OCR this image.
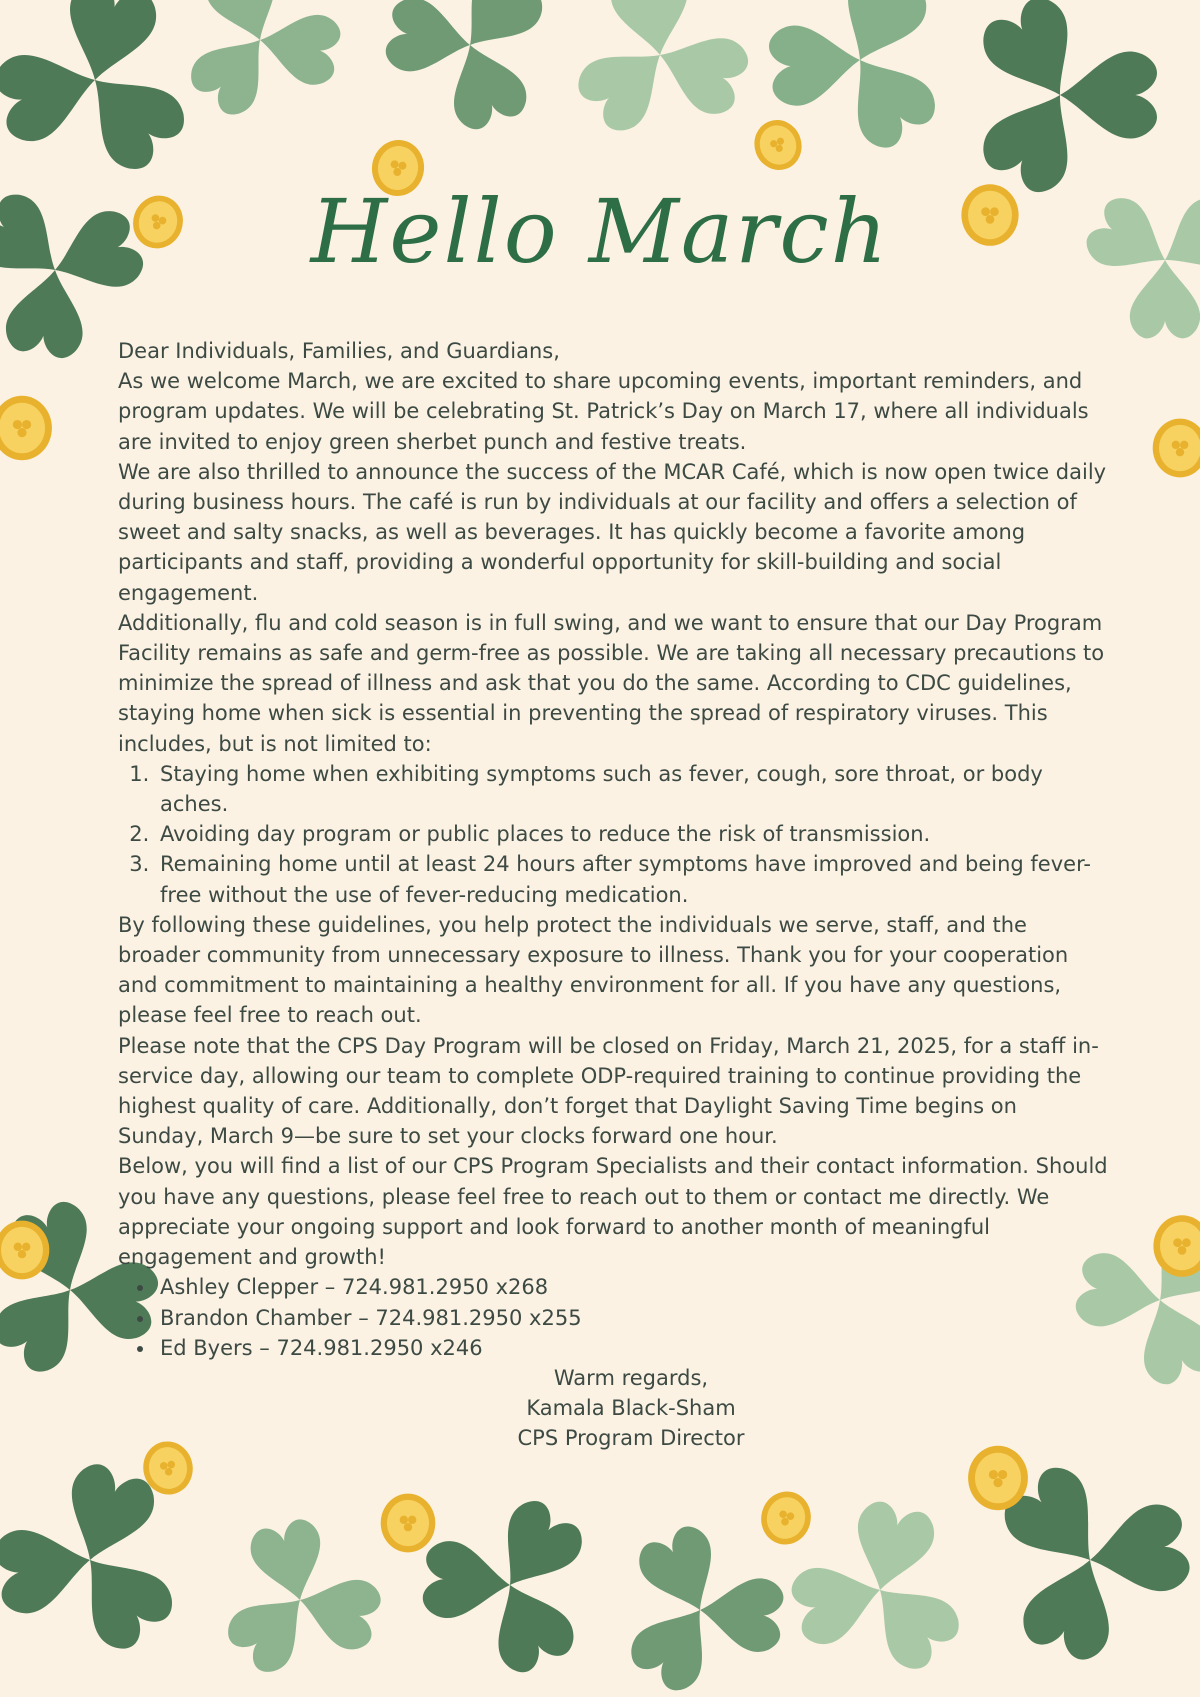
Hello March

Dear Individuals, Families, and Guardians,

As we welcome March, we are excited to share upcoming events, important reminders, and program updates. We will be celebrating St. Patrick’s Day on March 17, where all individuals are invited to enjoy green sherbet punch and festive treats.

We are also thrilled to announce the success of the MCAR Café, which is now open twice daily during business hours. The café is run by individuals at our facility and offers a selection of sweet and salty snacks, as well as beverages. It has quickly become a favorite among participants and staff, providing a wonderful opportunity for skill-building and social engagement.

Additionally, flu and cold season is in full swing, and we want to ensure that our Day Program Facility remains as safe and germ-free as possible. We are taking all necessary precautions to minimize the spread of illness and ask that you do the same. According to CDC guidelines, staying home when sick is essential in preventing the spread of respiratory viruses. This includes, but is not limited to:

1. Staying home when exhibiting symptoms such as fever, cough, sore throat, or body aches.
2. Avoiding day program or public places to reduce the risk of transmission.
3. Remaining home until at least 24 hours after symptoms have improved and being fever-free without the use of fever-reducing medication.

By following these guidelines, you help protect the individuals we serve, staff, and the broader community from unnecessary exposure to illness. Thank you for your cooperation and commitment to maintaining a healthy environment for all. If you have any questions, please feel free to reach out.

Please note that the CPS Day Program will be closed on Friday, March 21, 2025, for a staff in-service day, allowing our team to complete ODP-required training to continue providing the highest quality of care. Additionally, don’t forget that Daylight Saving Time begins on Sunday, March 9—be sure to set your clocks forward one hour.

Below, you will find a list of our CPS Program Specialists and their contact information. Should you have any questions, please feel free to reach out to them or contact me directly. We appreciate your ongoing support and look forward to another month of meaningful engagement and growth!

• Ashley Clepper – 724.981.2950 x268
• Brandon Chamber – 724.981.2950 x255
• Ed Byers – 724.981.2950 x246
Warm regards,
Kamala Black-Sham
CPS Program Director
